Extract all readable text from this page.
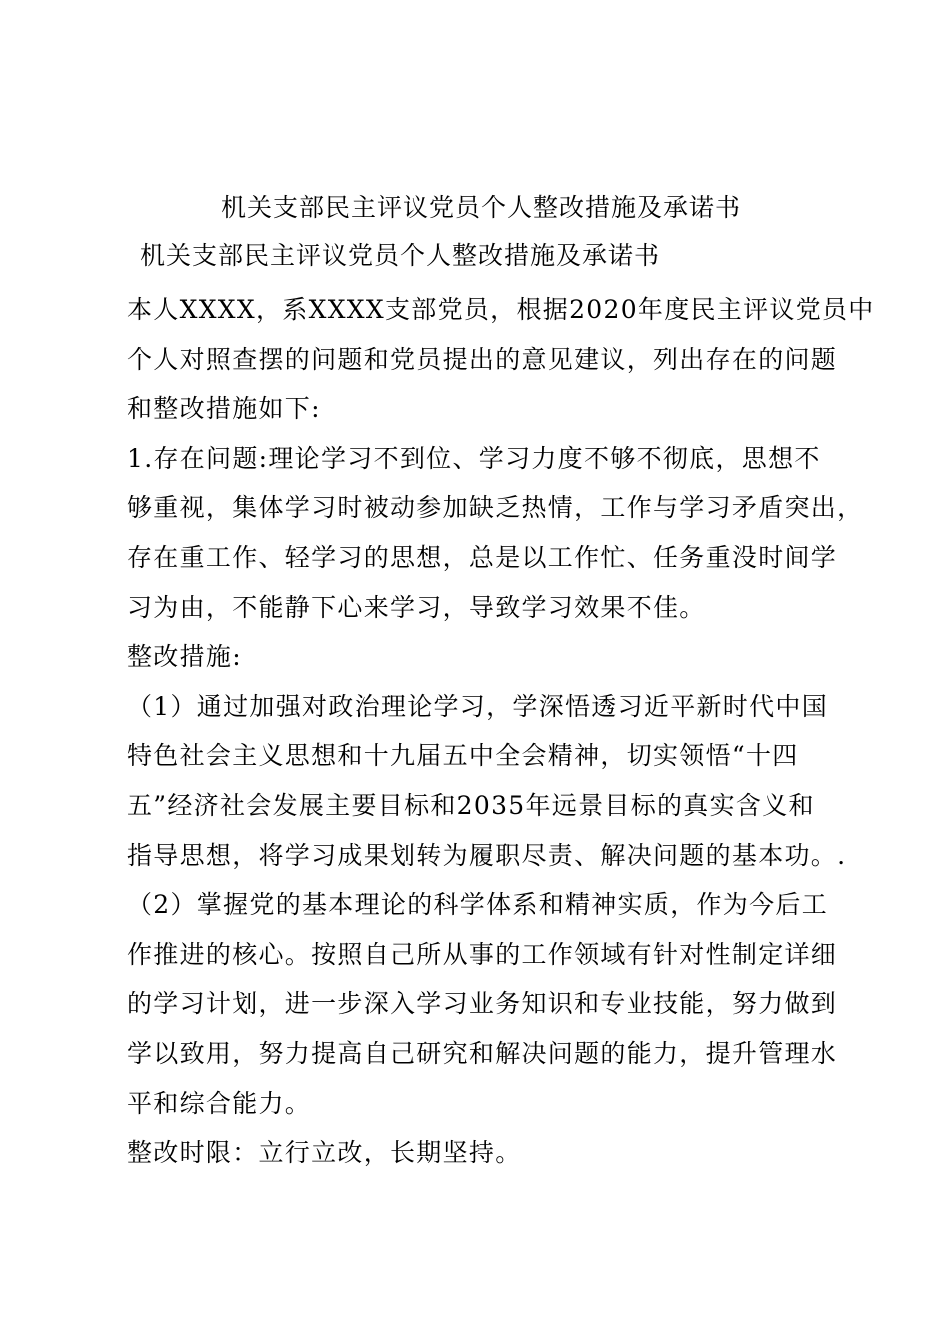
机关支部民主评议党员个人整改措施及承诺书
机关支部民主评议党员个人整改措施及承诺书
本人XXXX，系XXXX支部党员，根据2020年度民主评议党员中
个人对照查摆的问题和党员提出的意见建议，列出存在的问题
和整改措施如下:
1.存在问题:理论学习不到位、学习力度不够不彻底，思想不
够重视，集体学习时被动参加缺乏热情，工作与学习矛盾突出，
存在重工作、轻学习的思想，总是以工作忙、任务重没时间学
习为由，不能静下心来学习，导致学习效果不佳。
整改措施:
（1）通过加强对政治理论学习，学深悟透习近平新时代中国
特色社会主义思想和十九届五中全会精神，切实领悟“十四
五”经济社会发展主要目标和2035年远景目标的真实含义和
指导思想，将学习成果划转为履职尽责、解决问题的基本功。.
（2）掌握党的基本理论的科学体系和精神实质，作为今后工
作推进的核心。按照自己所从事的工作领域有针对性制定详细
的学习计划，进一步深入学习业务知识和专业技能，努力做到
学以致用，努力提高自己研究和解决问题的能力，提升管理水
平和综合能力。
整改时限：立行立改，长期坚持。
